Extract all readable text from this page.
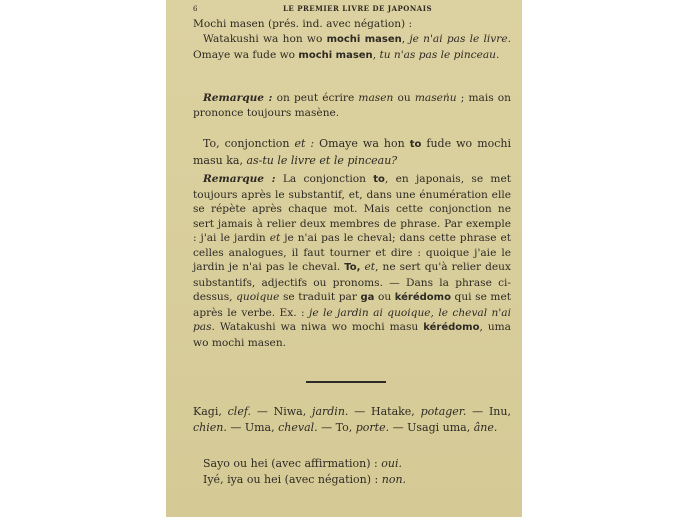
6	LE PREMIER LIVRE DE JAPONAIS

Mochi masen (prés. ind. avec négation) :

Watakushi wa hon wo mochi masen, je n'ai pas le livre. Omaye wa fude wo mochi masen, tu n'as pas le pinceau.

Remarque : on peut écrire masen ou maseṅu ; mais on prononce toujours masène.

To, conjonction et : Omaye wa hon to fude wo mochi masu ka, as-tu le livre et le pinceau?

Remarque : La conjonction to, en japonais, se met toujours après le substantif, et, dans une énumération elle se répète après chaque mot. Mais cette conjonction ne sert jamais à relier deux membres de phrase. Par exemple : j'ai le jardin et je n'ai pas le cheval; dans cette phrase et celles analogues, il faut tourner et dire : quoique j'aie le jardin je n'ai pas le cheval. To, et, ne sert qu'à relier deux substantifs, adjectifs ou pronoms. — Dans la phrase ci-dessus, quoique se traduit par ga ou kérédomo qui se met après le verbe. Ex. : je le jardin ai quoique, le cheval n'ai pas. Watakushi wa niwa wo mochi masu kérédomo, uma wo mochi masen.

Kagi, clef. — Niwa, jardin. — Hatake, potager. — Inu, chien. — Uma, cheval. — To, porte. — Usagi uma, âne.

Sayo ou hei (avec affirmation) : oui.

Iyé, iya ou hei (avec négation) : non.
